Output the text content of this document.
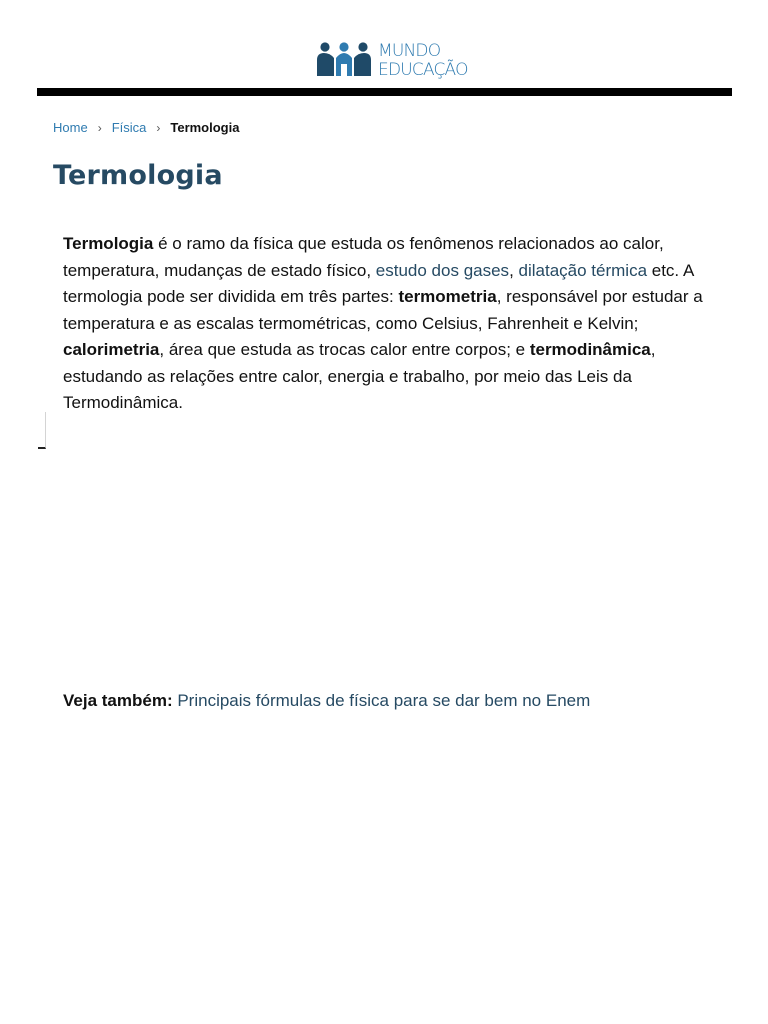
MUNDO
EDUCAÇÃO
Home › Física › Termologia
Termologia

Termologia é o ramo da física que estuda os fenômenos relacionados ao calor, temperatura, mudanças de estado físico, estudo dos gases, dilatação térmica etc. A termologia pode ser dividida em três partes: termometria, responsável por estudar a temperatura e as escalas termométricas, como Celsius, Fahrenheit e Kelvin; calorimetria, área que estuda as trocas calor entre corpos; e termodinâmica, estudando as relações entre calor, energia e trabalho, por meio das Leis da Termodinâmica.

Veja também: Principais fórmulas de física para se dar bem no Enem
